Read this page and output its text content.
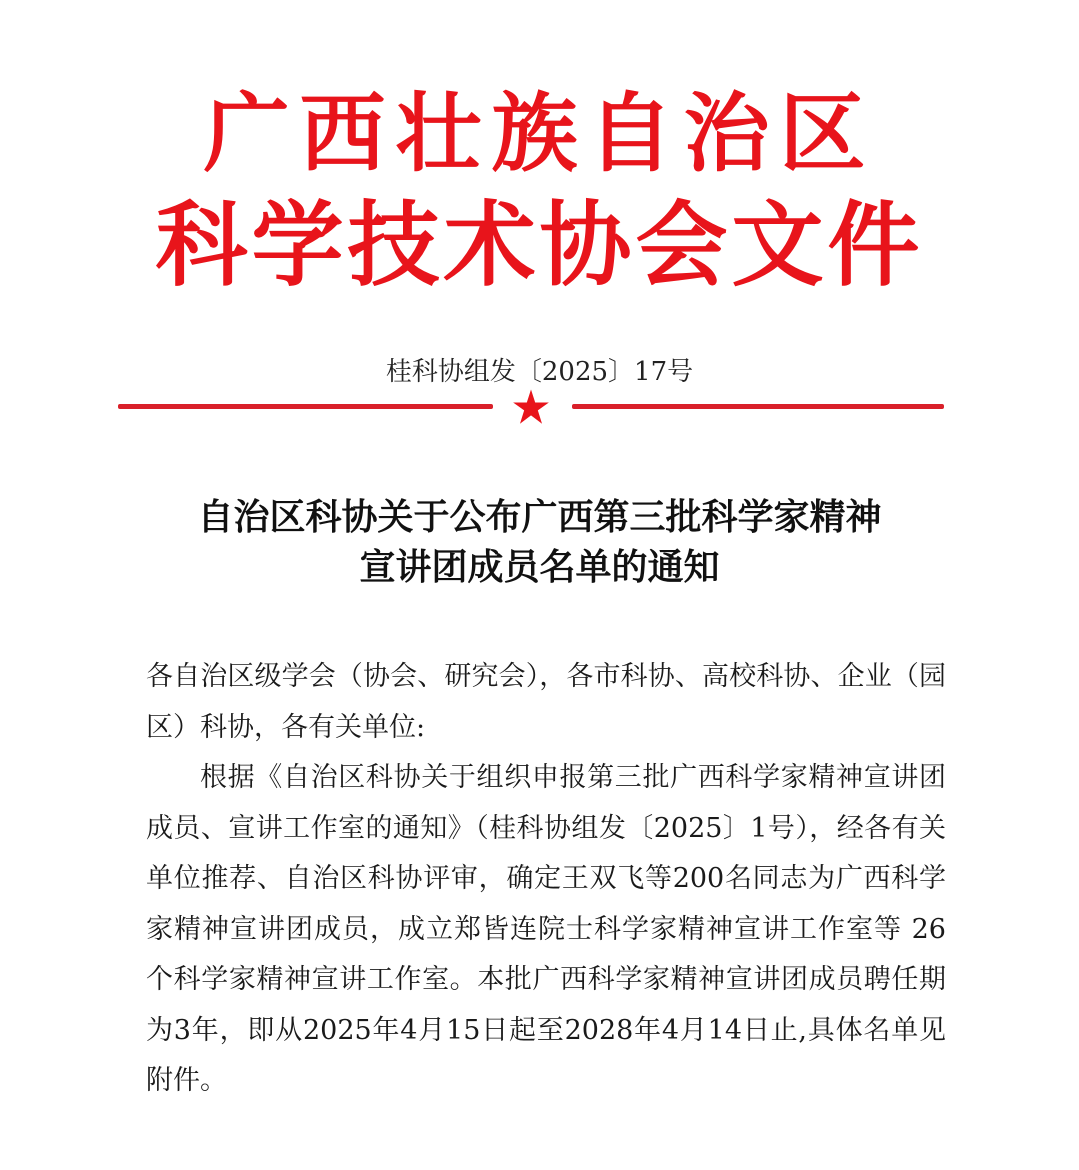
广西壮族自治区
科学技术协会文件
桂科协组发〔2025〕17号
自治区科协关于公布广西第三批科学家精神
宣讲团成员名单的通知

各自治区级学会（协会、研究会），各市科协、高校科协、企业（园区）科协，各有关单位:

根据《自治区科协关于组织申报第三批广西科学家精神宣讲团成员、宣讲工作室的通知》（桂科协组发〔2025〕1号），经各有关单位推荐、自治区科协评审，确定王双飞等200名同志为广西科学家精神宣讲团成员，成立郑皆连院士科学家精神宣讲工作室等 26 个科学家精神宣讲工作室。本批广西科学家精神宣讲团成员聘任期为3年，即从2025年4月15日起至2028年4月14日止,具体名单见附件。
